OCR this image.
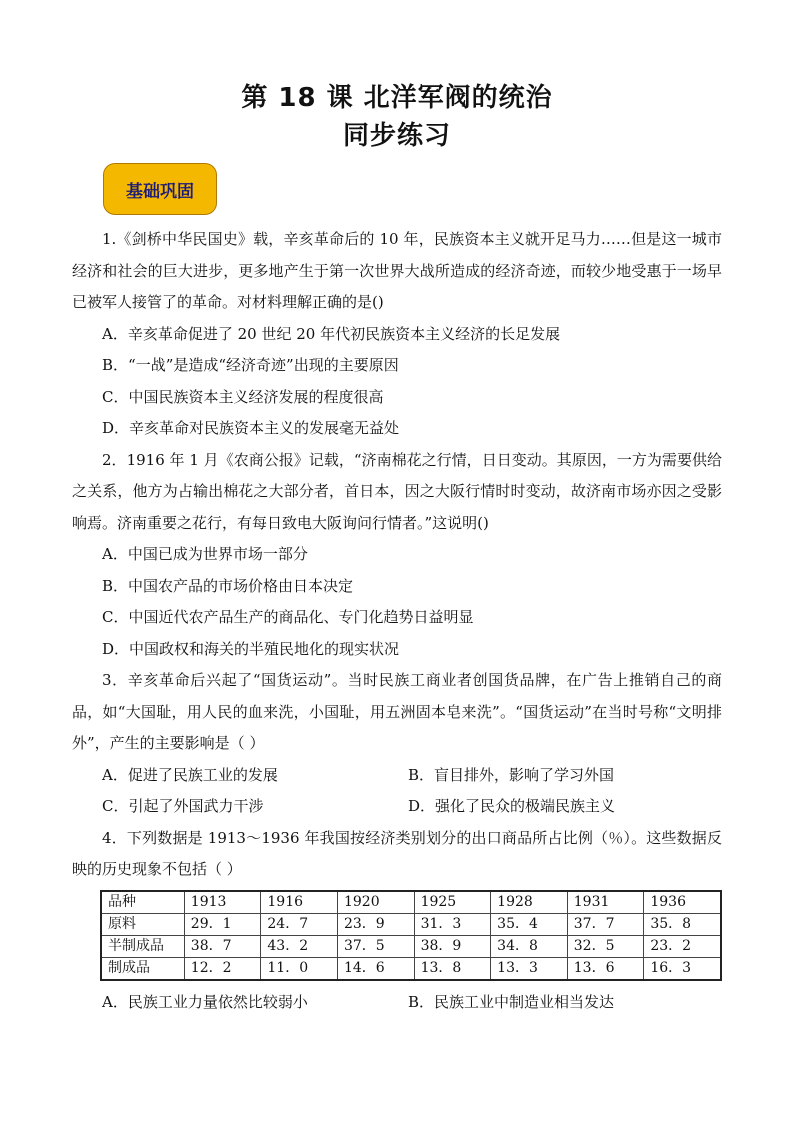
第 18 课 北洋军阀的统治
同步练习
基础巩固

1.《剑桥中华民国史》载，辛亥革命后的 10 年，民族资本主义就开足马力……但是这一城市经济和社会的巨大进步，更多地产生于第一次世界大战所造成的经济奇迹，而较少地受惠于一场早已被军人接管了的革命。对材料理解正确的是()

A．辛亥革命促进了 20 世纪 20 年代初民族资本主义经济的长足发展

B．“一战”是造成“经济奇迹”出现的主要原因

C．中国民族资本主义经济发展的程度很高

D．辛亥革命对民族资本主义的发展毫无益处

2．1916 年 1 月《农商公报》记载，“济南棉花之行情，日日变动。其原因，一方为需要供给之关系，他方为占输出棉花之大部分者，首日本，因之大阪行情时时变动，故济南市场亦因之受影响焉。济南重要之花行，有每日致电大阪询问行情者。”这说明()

A．中国已成为世界市场一部分

B．中国农产品的市场价格由日本决定

C．中国近代农产品生产的商品化、专门化趋势日益明显

D．中国政权和海关的半殖民地化的现实状况

3．辛亥革命后兴起了“国货运动”。当时民族工商业者创国货品牌，在广告上推销自己的商品，如“大国耻，用人民的血来洗，小国耻，用五洲固本皂来洗”。“国货运动”在当时号称“文明排外”，产生的主要影响是（ ）

A．促进了民族工业的发展	B．盲目排外，影响了学习外国
C．引起了外国武力干涉	D．强化了民众的极端民族主义

4．下列数据是 1913～1936 年我国按经济类别划分的出口商品所占比例（％）。这些数据反映的历史现象不包括（ ）

品种	1913	1916	1920	1925	1928	1931	1936
原料	29．1	24．7	23．9	31．3	35．4	37．7	35．8
半制成品	38．7	43．2	37．5	38．9	34．8	32．5	23．2
制成品	12．2	11．0	14．6	13．8	13．3	13．6	16．3
A．民族工业力量依然比较弱小	B．民族工业中制造业相当发达
